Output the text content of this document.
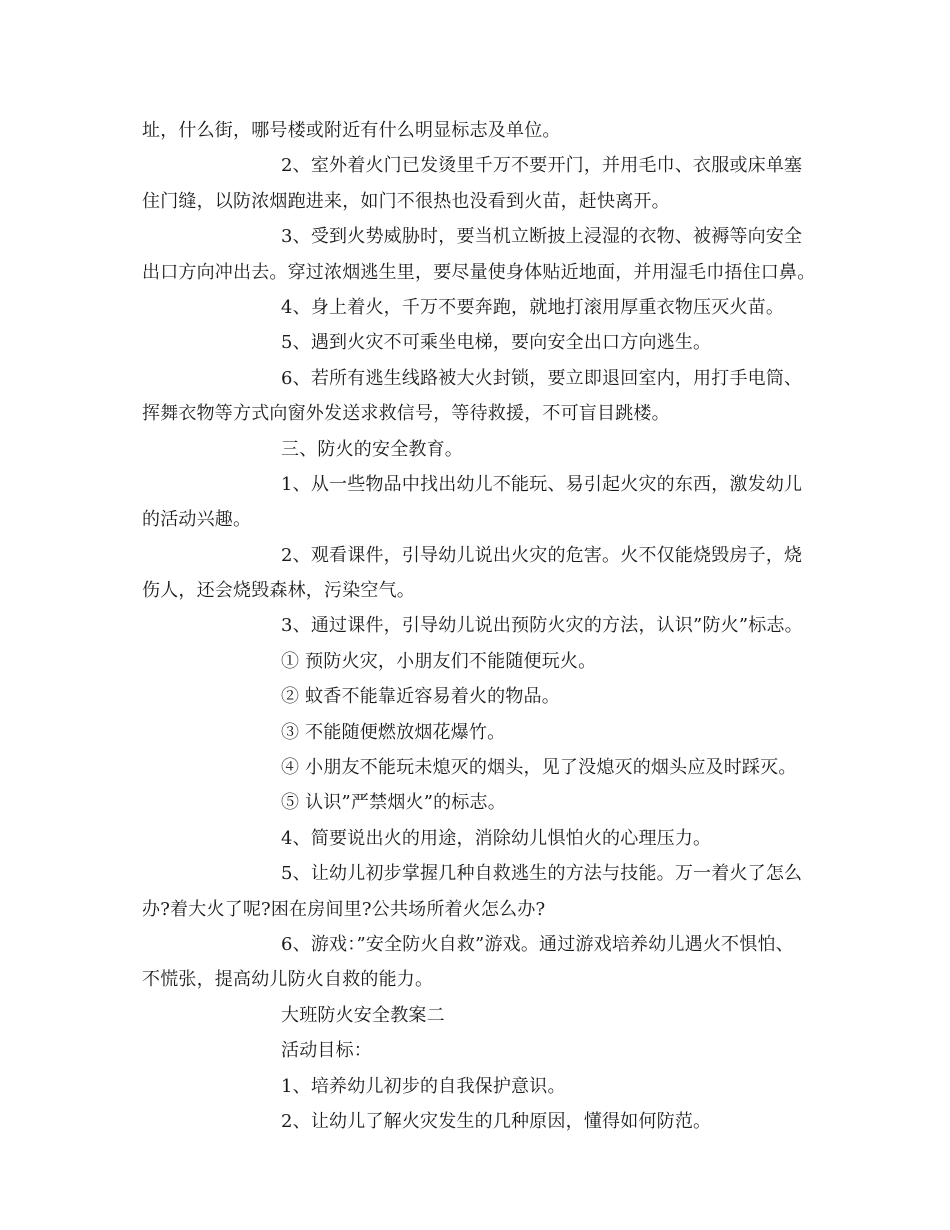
址，什么街，哪号楼或附近有什么明显标志及单位。
2、室外着火门已发烫里千万不要开门，并用毛巾、衣服或床单塞
住门缝，以防浓烟跑进来，如门不很热也没看到火苗，赶快离开。
3、受到火势威胁时，要当机立断披上浸湿的衣物、被褥等向安全
出口方向冲出去。穿过浓烟逃生里，要尽量使身体贴近地面，并用湿毛巾捂住口鼻。
4、身上着火，千万不要奔跑，就地打滚用厚重衣物压灭火苗。
5、遇到火灾不可乘坐电梯，要向安全出口方向逃生。
6、若所有逃生线路被大火封锁，要立即退回室内，用打手电筒、
挥舞衣物等方式向窗外发送求救信号，等待救援，不可盲目跳楼。
三、防火的安全教育。
1、从一些物品中找出幼儿不能玩、易引起火灾的东西，激发幼儿
的活动兴趣。
2、观看课件，引导幼儿说出火灾的危害。火不仅能烧毁房子，烧
伤人，还会烧毁森林，污染空气。
3、通过课件，引导幼儿说出预防火灾的方法，认识”防火”标志。
① 预防火灾，小朋友们不能随便玩火。
② 蚊香不能靠近容易着火的物品。
③ 不能随便燃放烟花爆竹。
④ 小朋友不能玩未熄灭的烟头，见了没熄灭的烟头应及时踩灭。
⑤ 认识”严禁烟火”的标志。
4、简要说出火的用途，消除幼儿惧怕火的心理压力。
5、让幼儿初步掌握几种自救逃生的方法与技能。万一着火了怎么
办?着大火了呢?困在房间里?公共场所着火怎么办?
6、游戏：”安全防火自救”游戏。通过游戏培养幼儿遇火不惧怕、
不慌张，提高幼儿防火自救的能力。
大班防火安全教案二
活动目标：
1、培养幼儿初步的自我保护意识。
2、让幼儿了解火灾发生的几种原因，懂得如何防范。
